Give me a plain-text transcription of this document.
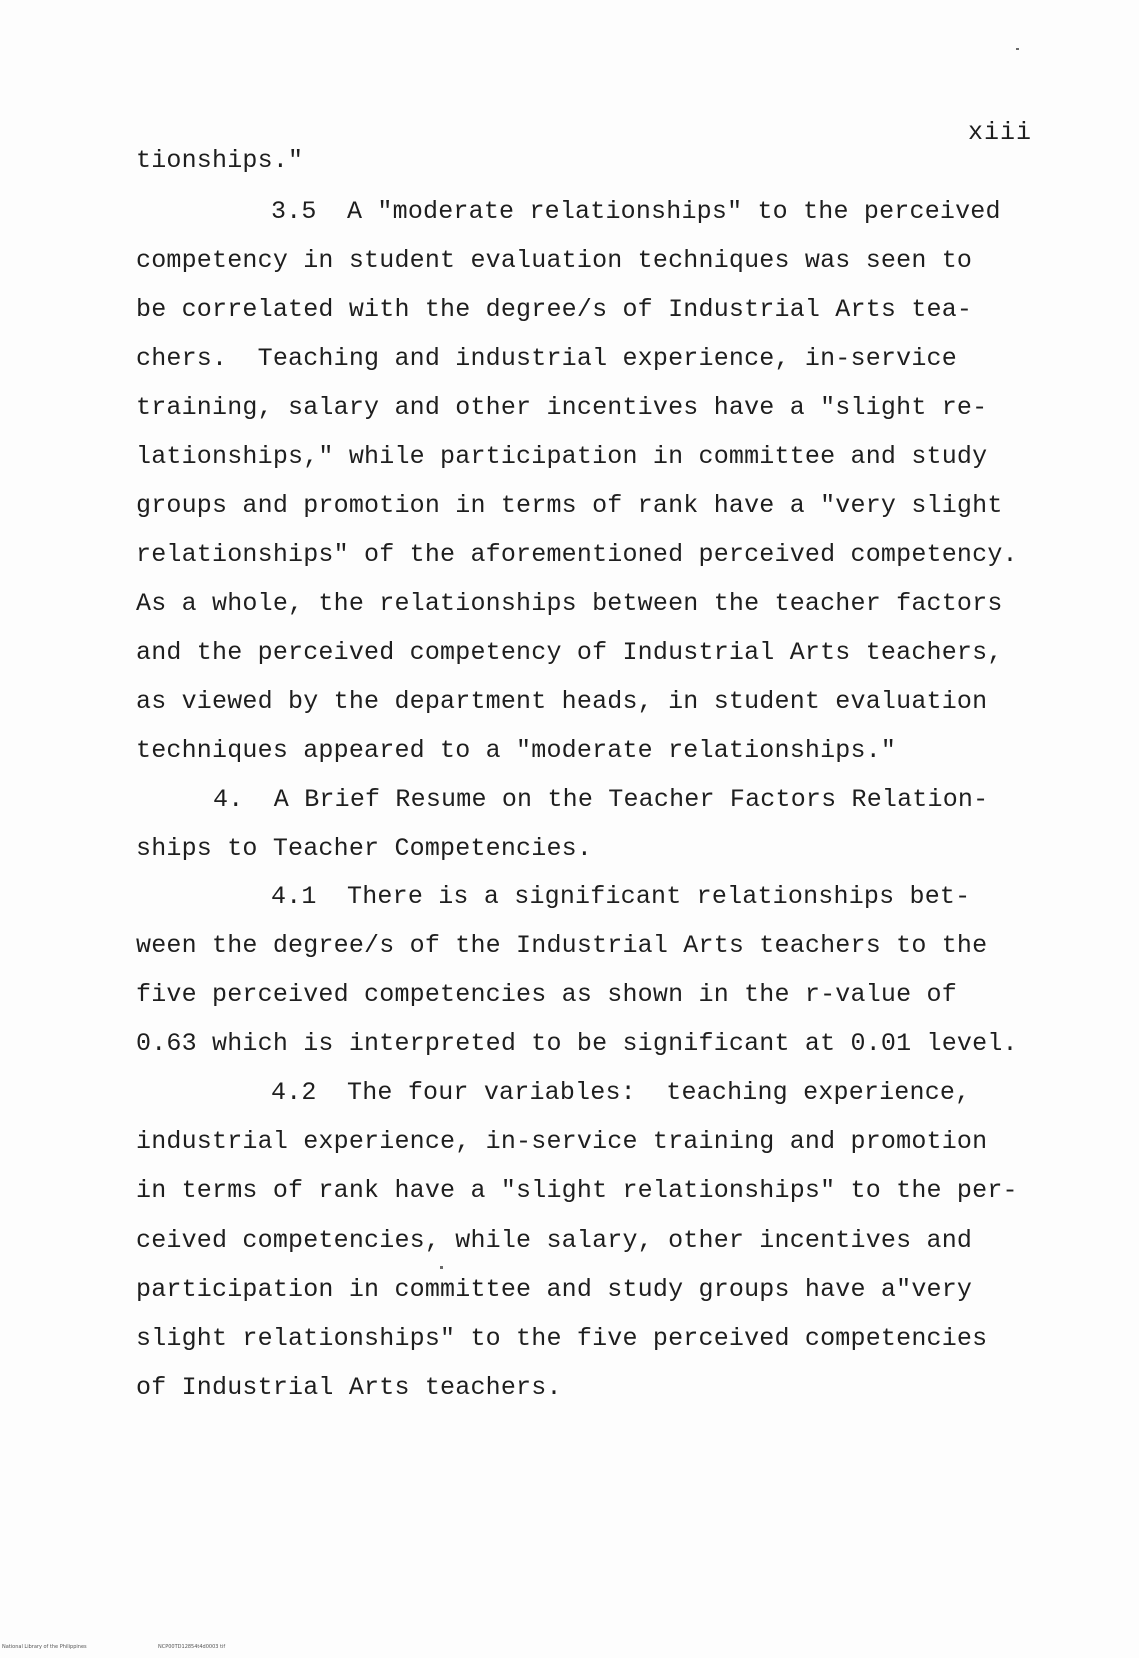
xiii
tionships."
3.5  A "moderate relationships" to the perceived
competency in student evaluation techniques was seen to
be correlated with the degree/s of Industrial Arts tea-
chers.  Teaching and industrial experience, in-service
training, salary and other incentives have a "slight re-
lationships," while participation in committee and study
groups and promotion in terms of rank have a "very slight
relationships" of the aforementioned perceived competency.
As a whole, the relationships between the teacher factors
and the perceived competency of Industrial Arts teachers,
as viewed by the department heads, in student evaluation
techniques appeared to a "moderate relationships."
4.  A Brief Resume on the Teacher Factors Relation-
ships to Teacher Competencies.
4.1  There is a significant relationships bet-
ween the degree/s of the Industrial Arts teachers to the
five perceived competencies as shown in the r-value of
0.63 which is interpreted to be significant at 0.01 level.
4.2  The four variables:  teaching experience,
industrial experience, in-service training and promotion
in terms of rank have a "slight relationships" to the per-
ceived competencies, while salary, other incentives and
participation in committee and study groups have a"very
slight relationships" to the five perceived competencies
of Industrial Arts teachers.
National Library of the Philippines	NCP00TD12854t4d0003 tif
